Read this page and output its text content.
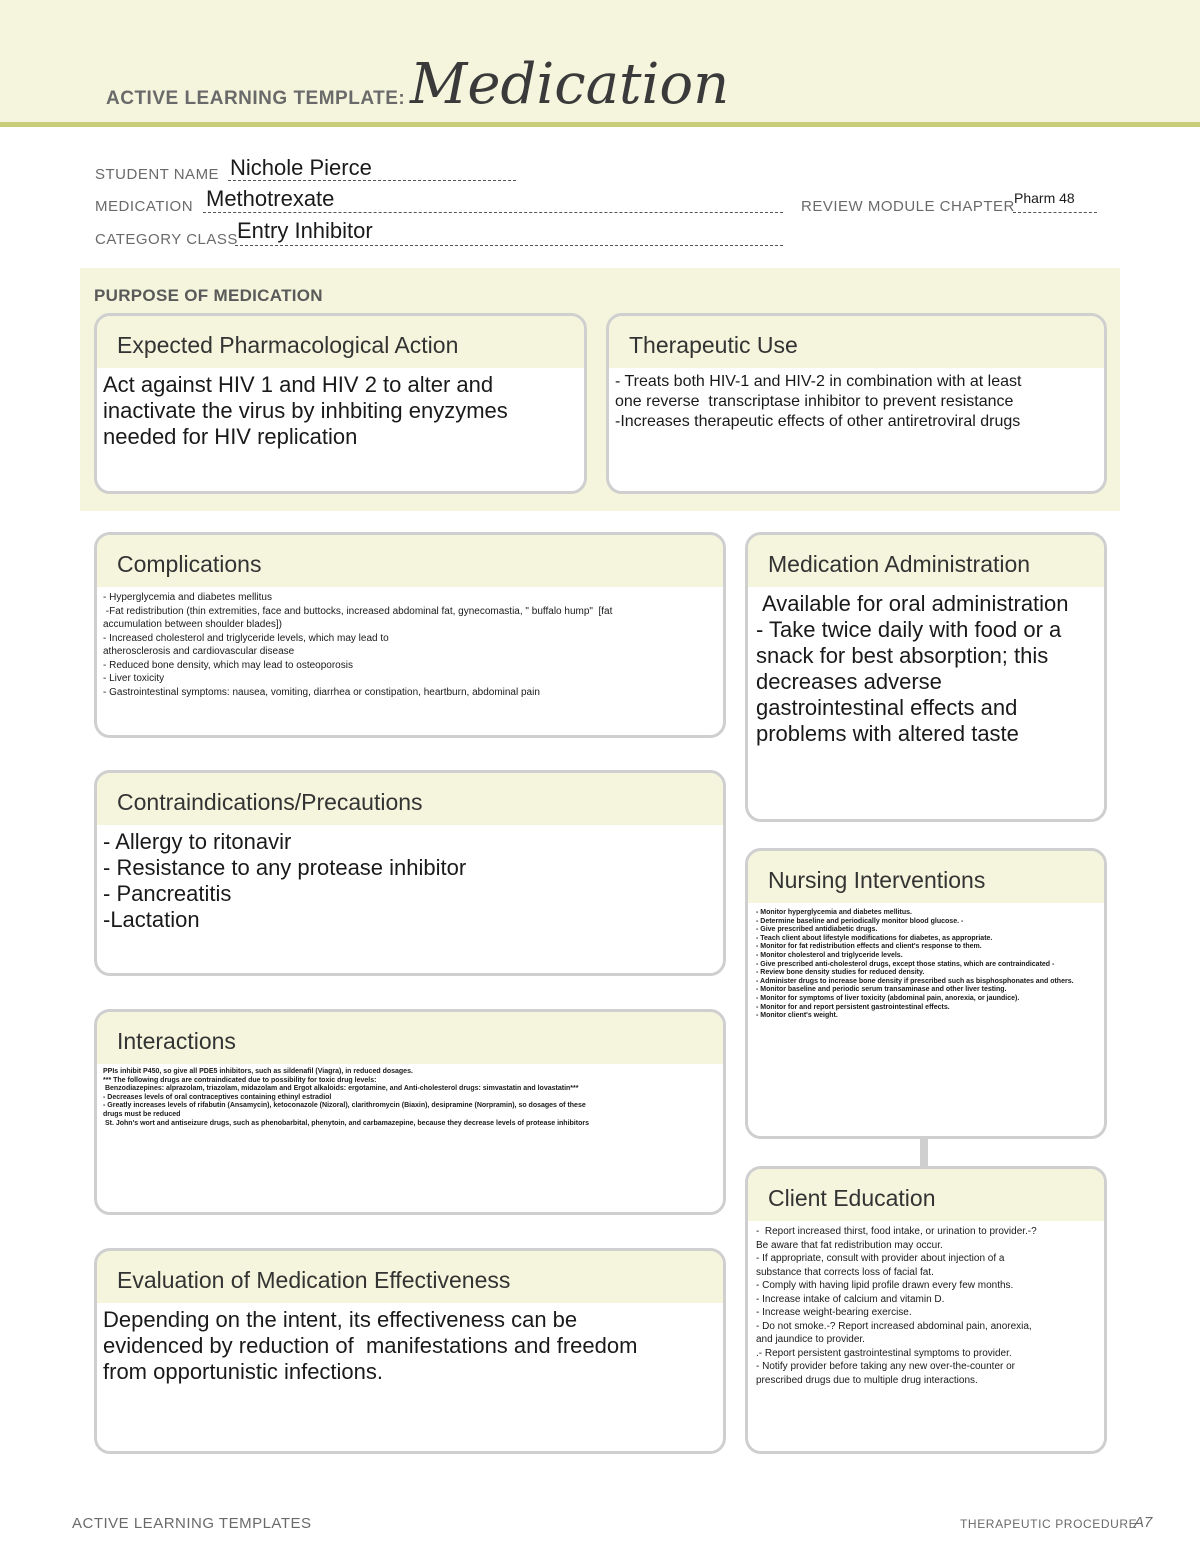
ACTIVE LEARNING TEMPLATE: Medication
STUDENT NAME Nichole Pierce
MEDICATION Methotrexate	REVIEW MODULE CHAPTER Pharm 48
CATEGORY CLASS Entry Inhibitor
PURPOSE OF MEDICATION
Expected Pharmacological Action
Act against HIV 1 and HIV 2 to alter and
inactivate the virus by inhbiting enyzymes
needed for HIV replication
Therapeutic Use
- Treats both HIV-1 and HIV-2 in combination with at least
one reverse  transcriptase inhibitor to prevent resistance
-Increases therapeutic effects of other antiretroviral drugs
Complications
- Hyperglycemia and diabetes mellitus
-Fat redistribution (thin extremities, face and buttocks, increased abdominal fat, gynecomastia, " buffalo hump"  [fat
accumulation between shoulder blades])
- Increased cholesterol and triglyceride levels, which may lead to
atherosclerosis and cardiovascular disease
- Reduced bone density, which may lead to osteoporosis
- Liver toxicity
- Gastrointestinal symptoms: nausea, vomiting, diarrhea or constipation, heartburn, abdominal pain
Medication Administration
Available for oral administration
- Take twice daily with food or a
snack for best absorption; this
decreases adverse
gastrointestinal effects and
problems with altered taste
Contraindications/Precautions
- Allergy to ritonavir
- Resistance to any protease inhibitor
- Pancreatitis
-Lactation
Nursing Interventions
- Monitor hyperglycemia and diabetes mellitus.
- Determine baseline and periodically monitor blood glucose. -
- Give prescribed antidiabetic drugs.
- Teach client about lifestyle modifications for diabetes, as appropriate.
- Monitor for fat redistribution effects and client's response to them.
- Monitor cholesterol and triglyceride levels.
- Give prescribed anti-cholesterol drugs, except those statins, which are contraindicated -
- Review bone density studies for reduced density.
- Administer drugs to increase bone density if prescribed such as bisphosphonates and others.
- Monitor baseline and periodic serum transaminase and other liver testing.
- Monitor for symptoms of liver toxicity (abdominal pain, anorexia, or jaundice).
- Monitor for and report persistent gastrointestinal effects.
- Monitor client's weight.
Interactions
PPIs inhibit P450, so give all PDE5 inhibitors, such as sildenafil (Viagra), in reduced dosages.
*** The following drugs are contraindicated due to possibility for toxic drug levels:
Benzodiazepines: alprazolam, triazolam, midazolam and Ergot alkaloids: ergotamine, and Anti-cholesterol drugs: simvastatin and lovastatin***
- Decreases levels of oral contraceptives containing ethinyl estradiol
- Greatly increases levels of rifabutin (Ansamycin), ketoconazole (Nizoral), clarithromycin (Biaxin), desipramine (Norpramin), so dosages of these
drugs must be reduced
St. John's wort and antiseizure drugs, such as phenobarbital, phenytoin, and carbamazepine, because they decrease levels of protease inhibitors
Client Education
-  Report increased thirst, food intake, or urination to provider.-?
Be aware that fat redistribution may occur.
- If appropriate, consult with provider about injection of a
substance that corrects loss of facial fat.
- Comply with having lipid profile drawn every few months.
- Increase intake of calcium and vitamin D.
- Increase weight-bearing exercise.
- Do not smoke.-? Report increased abdominal pain, anorexia,
and jaundice to provider.
.- Report persistent gastrointestinal symptoms to provider.
- Notify provider before taking any new over-the-counter or
prescribed drugs due to multiple drug interactions.
Evaluation of Medication Effectiveness
Depending on the intent, its effectiveness can be
evidenced by reduction of  manifestations and freedom
from opportunistic infections.
ACTIVE LEARNING TEMPLATES	THERAPEUTIC PROCEDURE
A7
